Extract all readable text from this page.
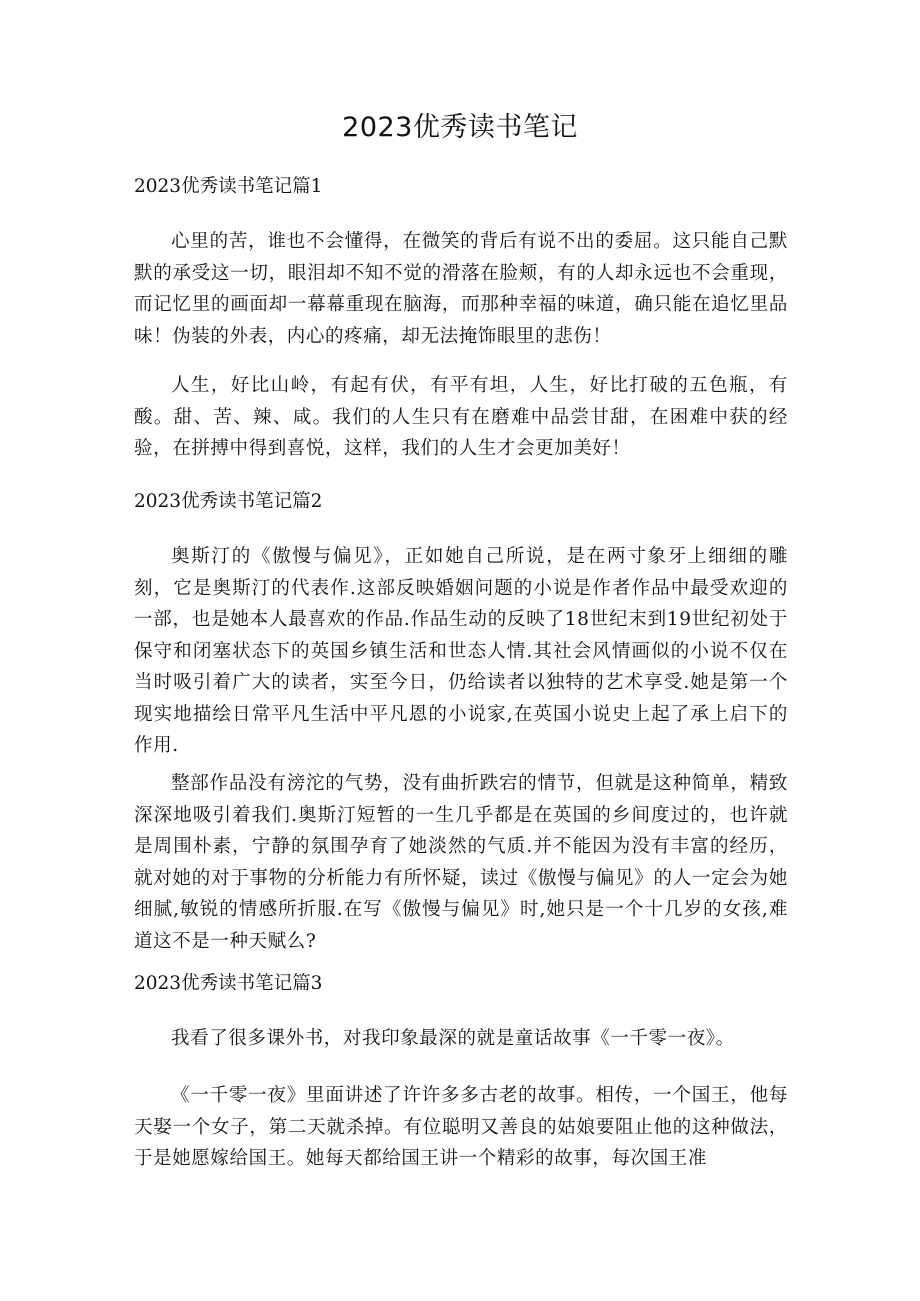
2023优秀读书笔记
2023优秀读书笔记篇1

心里的苦，谁也不会懂得，在微笑的背后有说不出的委屈。这只能自己默默的承受这一切，眼泪却不知不觉的滑落在脸颊，有的人却永远也不会重现，而记忆里的画面却一幕幕重现在脑海，而那种幸福的味道，确只能在追忆里品味！伪装的外表，内心的疼痛，却无法掩饰眼里的悲伤！

人生，好比山岭，有起有伏，有平有坦，人生，好比打破的五色瓶，有酸。甜、苦、辣、咸。我们的人生只有在磨难中品尝甘甜，在困难中获的经验，在拼搏中得到喜悦，这样，我们的人生才会更加美好！

2023优秀读书笔记篇2

奥斯汀的《傲慢与偏见》，正如她自己所说，是在两寸象牙上细细的雕刻，它是奥斯汀的代表作.这部反映婚姻问题的小说是作者作品中最受欢迎的一部，也是她本人最喜欢的作品.作品生动的反映了18世纪末到19世纪初处于保守和闭塞状态下的英国乡镇生活和世态人情.其社会风情画似的小说不仅在当时吸引着广大的读者，实至今日，仍给读者以独特的艺术享受.她是第一个现实地描绘日常平凡生活中平凡恩的小说家,在英国小说史上起了承上启下的作用.

整部作品没有滂沱的气势，没有曲折跌宕的情节，但就是这种简单，精致深深地吸引着我们.奥斯汀短暂的一生几乎都是在英国的乡间度过的，也许就是周围朴素，宁静的氛围孕育了她淡然的气质.并不能因为没有丰富的经历，就对她的对于事物的分析能力有所怀疑，读过《傲慢与偏见》的人一定会为她细腻,敏锐的情感所折服.在写《傲慢与偏见》时,她只是一个十几岁的女孩,难道这不是一种天赋么?

2023优秀读书笔记篇3

我看了很多课外书，对我印象最深的就是童话故事《一千零一夜》。

《一千零一夜》里面讲述了许许多多古老的故事。相传，一个国王，他每天娶一个女子，第二天就杀掉。有位聪明又善良的姑娘要阻止他的这种做法，于是她愿嫁给国王。她每天都给国王讲一个精彩的故事，每次国王准
